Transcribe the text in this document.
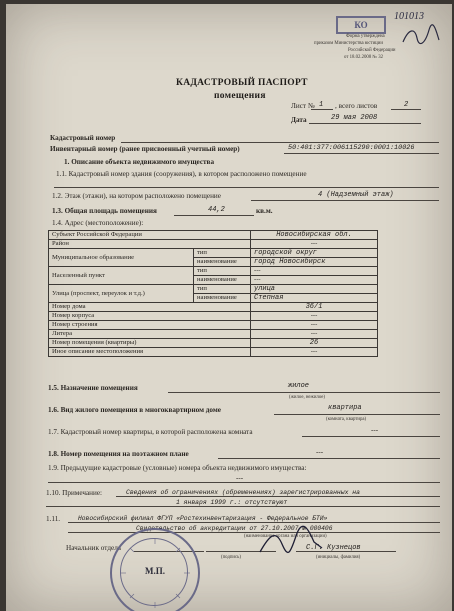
КО
101013
Форма утверждена
приказом Министерства юстиции
Российской Федерации
от 18.02.2008 № 32
КАДАСТРОВЫЙ ПАСПОРТ
помещения
Лист № 1 , всего листов	2
Дата	29 мая 2008
Кадастровый номер
Инвентарный номер (ранее присвоенный учетный номер)	50:401:377:006115290:0001:10026
1. Описание объекта недвижимого имущества
1.1. Кадастровый номер здания (сооружения), в котором расположено помещение
1.2. Этаж (этажи), на котором расположено помещение	4 (Надземный этаж)
1.3. Общая площадь помещения	44,2	кв.м.
1.4. Адрес (местоположение):
Субъект Российской Федерации		Новосибирская обл.
Район		---
Муниципальное образование	тип	городской округ
	наименование	город Новосибирск
Населенный пункт	тип	---
	наименование	---
Улица (проспект, переулок и т.д.)	тип	улица
	наименование	Степная
Номер дома		36/1
Номер корпуса		---
Номер строения		---
Литера		---
Номер помещения (квартиры)		26
Иное описание местоположения		---
1.5. Назначение помещения	жилое
(жилое, нежилое)
1.6. Вид жилого помещения в многоквартирном доме	квартира
(комната, квартира)
1.7. Кадастровый номер квартиры, в которой расположена комната	---
1.8. Номер помещения на поэтажном плане	---
1.9. Предыдущие кадастровые (условные) номера объекта недвижимого имущества:
---
1.10. Примечание:	Сведения об ограничениях (обременениях) зарегистрированных на
1 января 1999 г.: отсутствуют
1.11.	Новосибирский филиал ФГУП «Ростехинвентаризация - Федеральное БТИ»
Свидетельство об аккредитации от 27.10.2007 № 000406
(наименование органа или организации)
Начальник отдела
(подпись)
С.Г. Кузнецов
(инициалы, фамилия)
М.П.
